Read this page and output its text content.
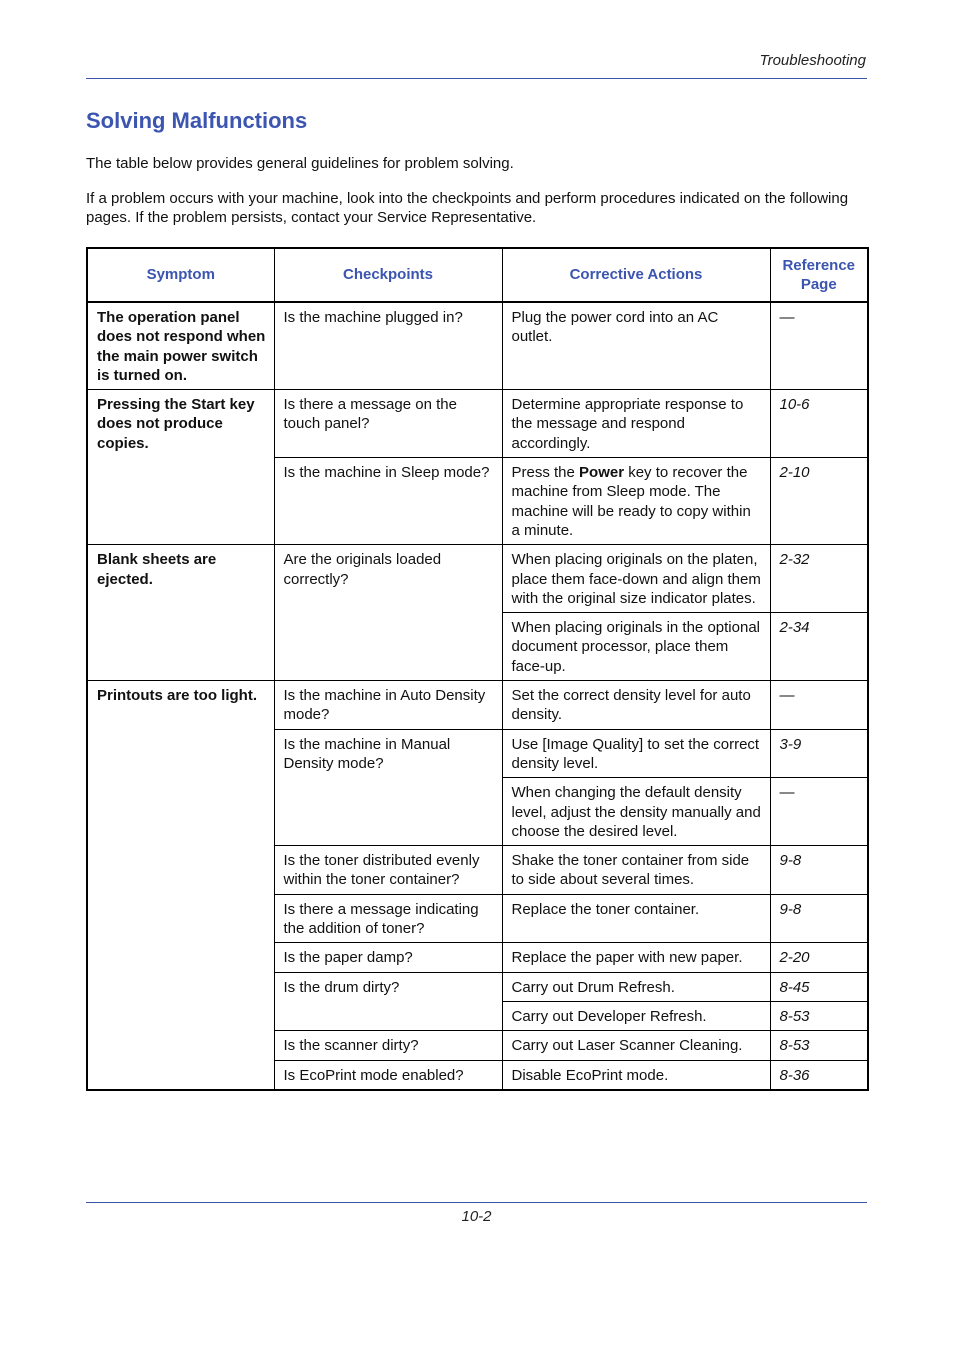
Troubleshooting
Solving Malfunctions

The table below provides general guidelines for problem solving.

If a problem occurs with your machine, look into the checkpoints and perform procedures indicated on the following pages. If the problem persists, contact your Service Representative.

Symptom	Checkpoints	Corrective Actions	Reference Page
The operation panel does not respond when the main power switch is turned on.	Is the machine plugged in?	Plug the power cord into an AC outlet.	—
Pressing the Start key does not produce copies.	Is there a message on the touch panel?	Determine appropriate response to the message and respond accordingly.	10-6
	Is the machine in Sleep mode?	Press the Power key to recover the machine from Sleep mode. The machine will be ready to copy within a minute.	2-10
Blank sheets are ejected.	Are the originals loaded correctly?	When placing originals on the platen, place them face-down and align them with the original size indicator plates.	2-32
		When placing originals in the optional document processor, place them face-up.	2-34
Printouts are too light.	Is the machine in Auto Density mode?	Set the correct density level for auto density.	—
	Is the machine in Manual Density mode?	Use [Image Quality] to set the correct density level.	3-9
		When changing the default density level, adjust the density manually and choose the desired level.	—
	Is the toner distributed evenly within the toner container?	Shake the toner container from side to side about several times.	9-8
	Is there a message indicating the addition of toner?	Replace the toner container.	9-8
	Is the paper damp?	Replace the paper with new paper.	2-20
	Is the drum dirty?	Carry out Drum Refresh.	8-45
		Carry out Developer Refresh.	8-53
	Is the scanner dirty?	Carry out Laser Scanner Cleaning.	8-53
	Is EcoPrint mode enabled?	Disable EcoPrint mode.	8-36
10-2
